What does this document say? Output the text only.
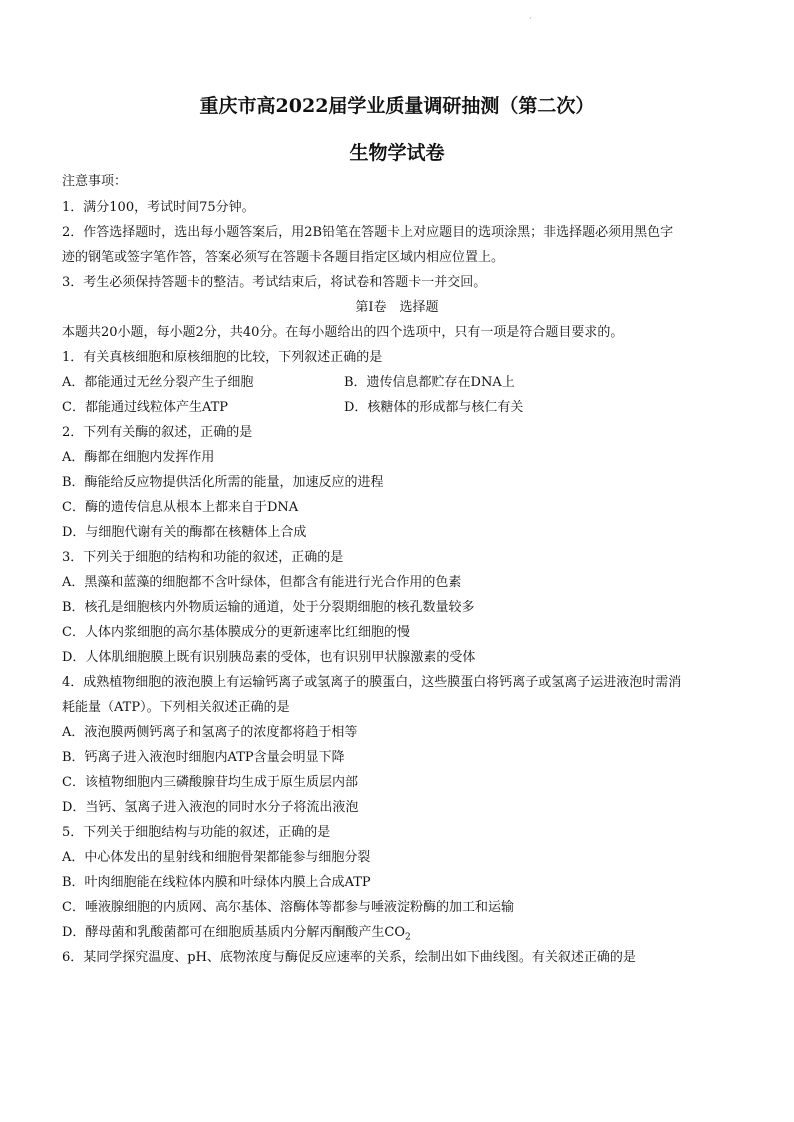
·
重庆市高2022届学业质量调研抽测（第二次）
生物学试卷
注意事项：
1．满分100，考试时间75分钟。
2．作答选择题时，选出每小题答案后，用2B铅笔在答题卡上对应题目的选项涂黑；非选择题必须用黑色字
迹的钢笔或签字笔作答，答案必须写在答题卡各题目指定区域内相应位置上。
3．考生必须保持答题卡的整洁。考试结束后，将试卷和答题卡一并交回。
第Ⅰ卷　选择题
本题共20小题，每小题2分，共40分。在每小题给出的四个选项中，只有一项是符合题目要求的。
1．有关真核细胞和原核细胞的比较，下列叙述正确的是
A．都能通过无丝分裂产生子细胞	B．遗传信息都贮存在DNA上
C．都能通过线粒体产生ATP	D．核糖体的形成都与核仁有关
2．下列有关酶的叙述，正确的是
A．酶都在细胞内发挥作用
B．酶能给反应物提供活化所需的能量，加速反应的进程
C．酶的遗传信息从根本上都来自于DNA
D．与细胞代谢有关的酶都在核糖体上合成
3．下列关于细胞的结构和功能的叙述，正确的是
A．黑藻和蓝藻的细胞都不含叶绿体，但都含有能进行光合作用的色素
B．核孔是细胞核内外物质运输的通道，处于分裂期细胞的核孔数量较多
C．人体内浆细胞的高尔基体膜成分的更新速率比红细胞的慢
D．人体肌细胞膜上既有识别胰岛素的受体，也有识别甲状腺激素的受体
4．成熟植物细胞的液泡膜上有运输钙离子或氢离子的膜蛋白，这些膜蛋白将钙离子或氢离子运进液泡时需消
耗能量（ATP）。下列相关叙述正确的是
A．液泡膜两侧钙离子和氢离子的浓度都将趋于相等
B．钙离子进入液泡时细胞内ATP含量会明显下降
C．该植物细胞内三磷酸腺苷均生成于原生质层内部
D．当钙、氢离子进入液泡的同时水分子将流出液泡
5．下列关于细胞结构与功能的叙述，正确的是
A．中心体发出的星射线和细胞骨架都能参与细胞分裂
B．叶肉细胞能在线粒体内膜和叶绿体内膜上合成ATP
C．唾液腺细胞的内质网、高尔基体、溶酶体等都参与唾液淀粉酶的加工和运输
D．酵母菌和乳酸菌都可在细胞质基质内分解丙酮酸产生$CO_2$
6．某同学探究温度、pH、底物浓度与酶促反应速率的关系，绘制出如下曲线图。有关叙述正确的是
